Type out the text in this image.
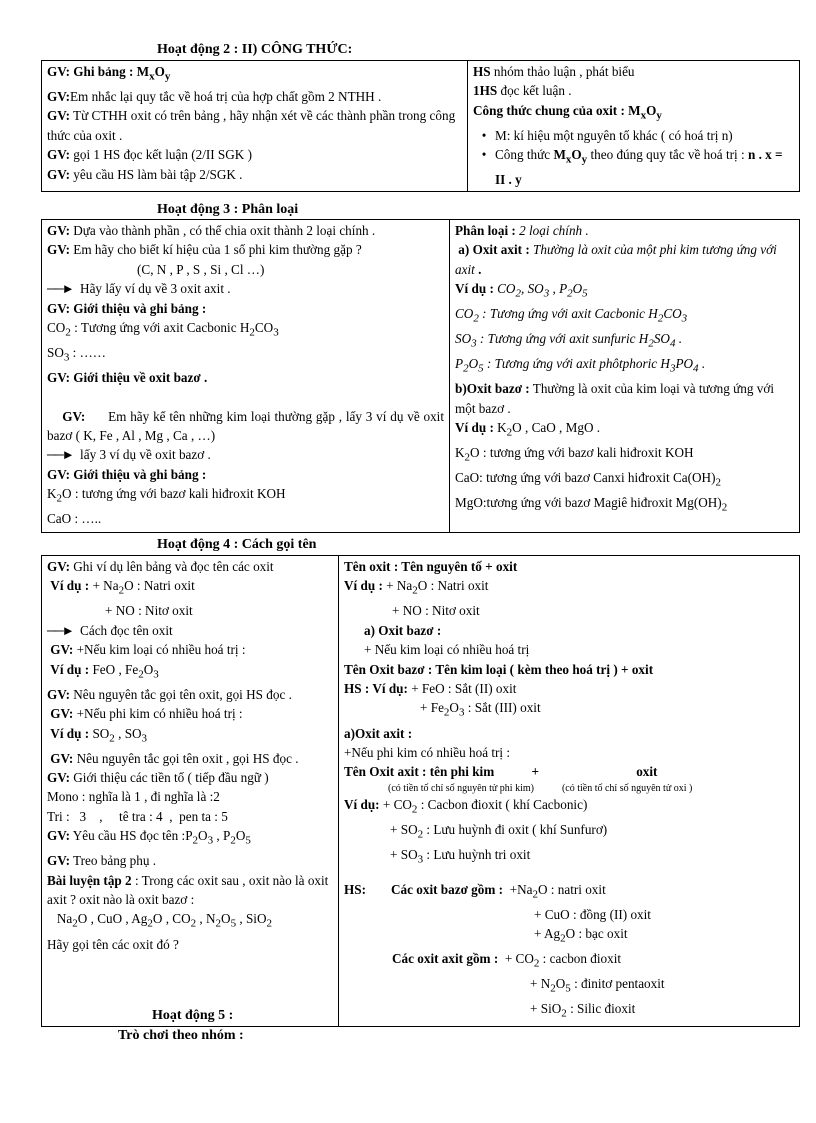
Hoạt động 2 : II) CÔNG THỨC:
GV: Ghi bảng : $M_xO_y$
GV:Em nhắc lại quy tắc về hoá trị của hợp chất gồm 2 NTHH .
GV: Từ CTHH oxit có trên bảng , hãy nhận xét về các thành phần trong công thức của oxit .
GV: gọi 1 HS đọc kết luận (2/II SGK )
GV: yêu cầu HS làm bài tập 2/SGK .

HS nhóm thảo luận , phát biểu
1HS đọc kết luận .
Công thức chung của oxit : $M_xO_y$
• M: kí hiệu một nguyên tố khác ( có hoá trị n)
• Công thức $M_xO_y$ theo đúng quy tắc về hoá trị : n . x = II . y
Hoạt động 3 : Phân loại
GV: Dựa vào thành phần , có thể chia oxit thành 2 loại chính .
GV: Em hãy cho biết kí hiệu của 1 số phi kim thường gặp ?
(C, N , P , S , Si , Cl …)
──► Hãy lấy ví dụ về 3 oxit axit .
GV: Giới thiệu và ghi bảng :
$CO_2$ : Tương ứng với axit Cacbonic $H_2CO_3$
$SO_3$ : ……
GV: Giới thiệu về oxit bazơ .
GV:      Em hãy kể tên những kim loại thường gặp , lấy 3 ví dụ về oxit bazơ ( K, Fe , Al , Mg , Ca , …)
──► lấy 3 ví dụ về oxit bazơ .
GV: Giới thiệu và ghi bảng :
$K_2O$ : tương ứng với bazơ kali hiđroxit KOH
CaO : …..

Phân loại : 2 loại chính .
a) Oxit axit : Thường là oxit của một phi kim tương ứng với axit .
Ví dụ : $CO_2$, $SO_3$ , $P_2O_5$
$CO_2$ : Tương ứng với axit Cacbonic $H_2CO_3$
$SO_3$ : Tương ứng với axit sunfuric $H_2SO_4$ .
$P_2O_5$ : Tương ứng với axit phôtphoric $H_3PO_4$ .
b)Oxit bazơ : Thường là oxit của kim loại và tương ứng với một bazơ .
Ví dụ : $K_2O$ , CaO , MgO .
$K_2O$ : tương ứng với bazơ kali hiđroxit KOH
CaO: tương ứng với bazơ Canxi hiđroxit $Ca(OH)_2$
MgO:tương ứng với bazơ Magiê hiđroxit $Mg(OH)_2$
Hoạt động 4 : Cách gọi tên
GV: Ghi ví dụ lên bảng và đọc tên các oxit
Ví dụ : + $Na_2O$ : Natri oxit
+ NO : Nitơ oxit
──► Cách đọc tên oxit
GV: +Nếu kim loại có nhiều hoá trị :
Ví dụ : FeO , $Fe_2O_3$
GV: Nêu nguyên tắc gọi tên oxit, gọi HS đọc .
GV: +Nếu phi kim có nhiều hoá trị :
Ví dụ : $SO_2$ , $SO_3$
GV: Nêu nguyên tắc gọi tên oxit , gọi HS đọc .
GV: Giới thiệu các tiền tố ( tiếp đầu ngữ )
Mono : nghĩa là 1 , đi nghĩa là :2
Tri :   3    ,     tê tra : 4  ,  pen ta : 5
GV: Yêu cầu HS đọc tên $:P_2O_3$ , $P_2O_5$
GV: Treo bảng phụ .
Bài luyện tập 2 : Trong các oxit sau , oxit nào là oxit axit ? oxit nào là oxit bazơ :
$Na_2O$ , CuO , $Ag_2O$ , $CO_2$ , $N_2O_5$ , SiO$_2$
Hãy gọi tên các oxit đó ?

Tên oxit : Tên nguyên tố + oxit
Ví dụ : + $Na_2O$ : Natri oxit
+ NO : Nitơ oxit
a) Oxit bazơ :
+ Nếu kim loại có nhiều hoá trị
Tên Oxit bazơ : Tên kim loại ( kèm theo hoá trị ) + oxit
HS : Ví dụ: + FeO : Sắt (II) oxit
+ $Fe_2O_3$ : Sắt (III) oxit
a)Oxit axit :
+Nếu phi kim có nhiều hoá trị :
Tên Oxit axit : tên phi kim	+	oxit
(có tiền tố chỉ số nguyên tử phi kim)	(có tiền tố chỉ số nguyên tử oxi )
Ví dụ: + $CO_2$ : Cacbon đioxit ( khí Cacbonic)
+ $SO_2$ : Lưu huỳnh đi oxit ( khí Sunfurơ)
+ $SO_3$ : Lưu huỳnh tri oxit
HS: Các oxit bazơ gồm : $+Na_2O$ : natri oxit
+ CuO : đồng (II) oxit
+ $Ag_2O$ : bạc oxit
Các oxit axit gồm :  + $CO_2$ : cacbon đioxit
+ $N_2O_5$ : đinitơ pentaoxit
+ SiO$_2$ : Silic đioxit
Hoạt động 5 :
Trò chơi theo nhóm :
